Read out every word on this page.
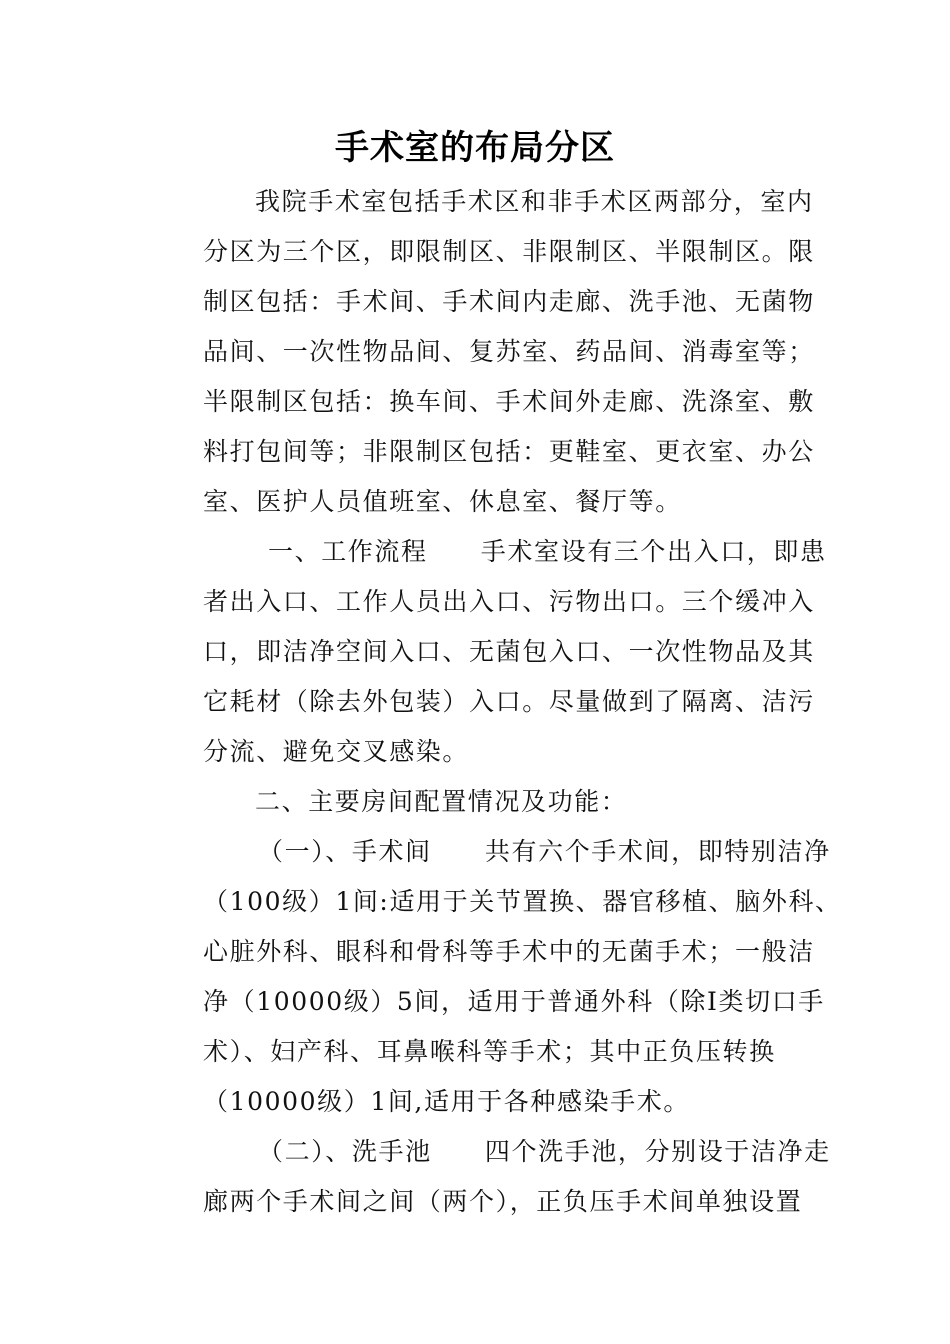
手术室的布局分区
我院手术室包括手术区和非手术区两部分，室内
分区为三个区，即限制区、非限制区、半限制区。限
制区包括：手术间、手术间内走廊、洗手池、无菌物
品间、一次性物品间、复苏室、药品间、消毒室等；
半限制区包括：换车间、手术间外走廊、洗涤室、敷
料打包间等；非限制区包括：更鞋室、更衣室、办公
室、医护人员值班室、休息室、餐厅等。
一、工作流程　　手术室设有三个出入口，即患
者出入口、工作人员出入口、污物出口。三个缓冲入
口，即洁净空间入口、无菌包入口、一次性物品及其
它耗材（除去外包装）入口。尽量做到了隔离、洁污
分流、避免交叉感染。
二、主要房间配置情况及功能：
（一）、手术间　　共有六个手术间，即特别洁净
（100级）1间:适用于关节置换、器官移植、脑外科、
心脏外科、眼科和骨科等手术中的无菌手术；一般洁
净（10000级）5间，适用于普通外科（除Ⅰ类切口手
术）、妇产科、耳鼻喉科等手术；其中正负压转换
（10000级）1间,适用于各种感染手术。
（二）、洗手池　　四个洗手池，分别设于洁净走
廊两个手术间之间（两个），正负压手术间单独设置
